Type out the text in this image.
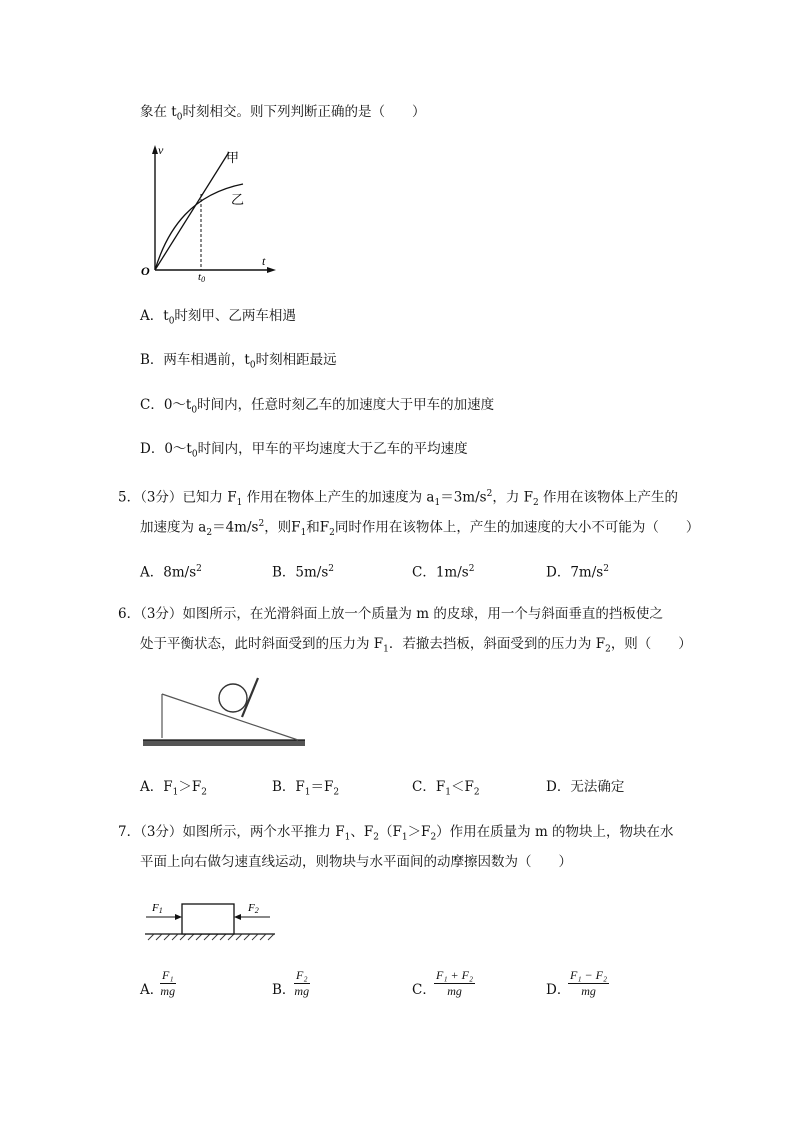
象在 $t_0$时刻相交。则下列判断正确的是（　　）
v
t
O	t0
甲
乙
A．$t_0$时刻甲、乙两车相遇
B．两车相遇前，$t_0$时刻相距最远
C．$0\sim t_0$时间内，任意时刻乙车的加速度大于甲车的加速度
D．$0\sim t_0$时间内，甲车的平均速度大于乙车的平均速度
5．（3分）已知力 $F_1$ 作用在物体上产生的加速度为 $a_1=3m/s^2$，力 $F_2$ 作用在该物体上产生的
加速度为 $a_2=4m/s^2$，则$F_1$和$F_2$同时作用在该物体上，产生的加速度的大小不可能为（　　）
A．$8m/s^2$	B．$5m/s^2$	C．$1m/s^2$	D．$7m/s^2$
6．（3分）如图所示，在光滑斜面上放一个质量为 m 的皮球，用一个与斜面垂直的挡板使之
处于平衡状态，此时斜面受到的压力为 $F_1$．若撤去挡板，斜面受到的压力为 $F_2$，则（　　）
A．$F_1>F_2$	B．$F_1=F_2$	C．$F_1<F_2$	D．无法确定
7．（3分）如图所示，两个水平推力 $F_1$、$F_2(F_1>F_2)$作用在质量为 m 的物块上，物块在水
平面上向右做匀速直线运动，则物块与水平面间的动摩擦因数为（　　）
F1	F2
A．
$\frac{\text{F₁}}{mg}$	B．
$\frac{\text{F₂}}{mg}$	C．
$\frac{\text{F₁ + F₂}}{mg}$	D．
$\frac{\text{F₁ − F₂}}{mg}$
